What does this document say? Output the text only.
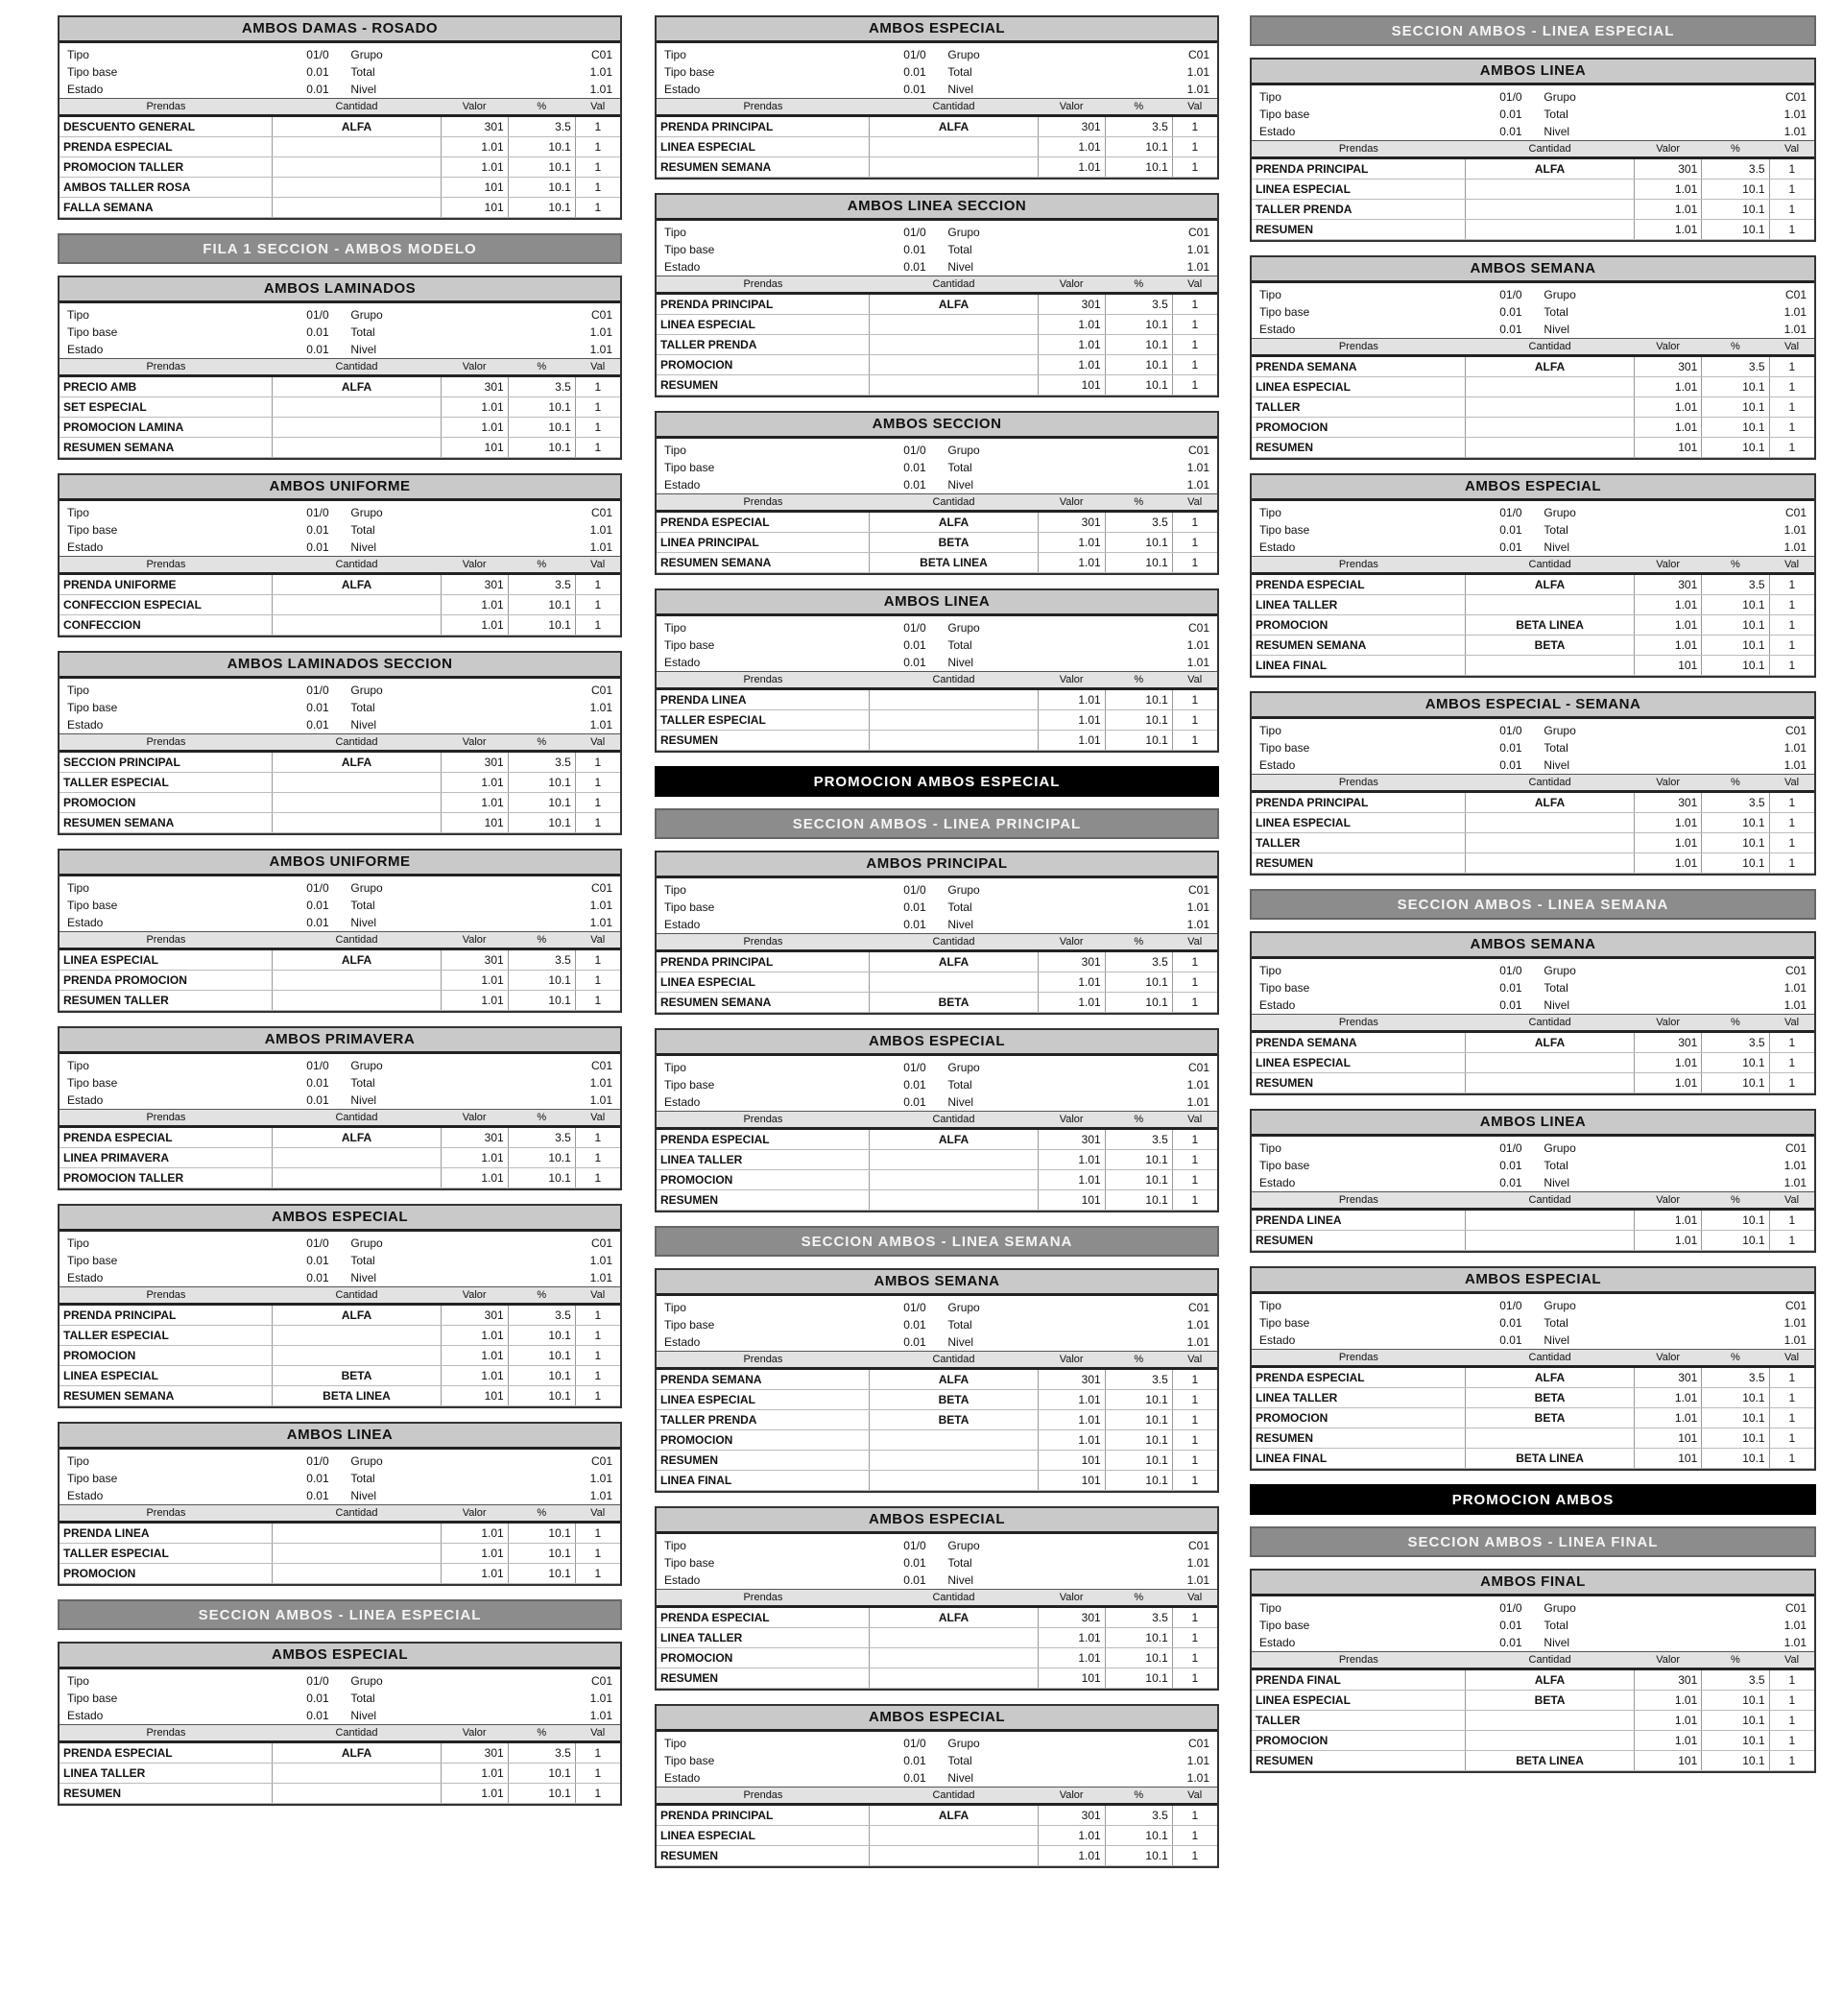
AMBOS DAMAS - ROSADO
Tipo	01/0 Grupo	C01
Tipo base	0.01 Total	1.01
Estado	0.01 Nivel	1.01
Prendas	Cantidad	Valor	%	Val
DESCUENTO GENERAL	ALFA	301	3.5	1
PRENDA ESPECIAL		1.01	10.1	1
PROMOCION TALLER		1.01	10.1	1
AMBOS TALLER ROSA		101	10.1	1
FALLA SEMANA		101	10.1	1
FILA 1 SECCION - AMBOS MODELO
AMBOS LAMINADOS
Tipo	01/0 Grupo	C01
Tipo base	0.01 Total	1.01
Estado	0.01 Nivel	1.01
Prendas	Cantidad	Valor	%	Val
PRECIO AMB	ALFA	301	3.5	1
SET ESPECIAL		1.01	10.1	1
PROMOCION LAMINA		1.01	10.1	1
RESUMEN SEMANA		101	10.1	1
AMBOS UNIFORME
Tipo	01/0 Grupo	C01
Tipo base	0.01 Total	1.01
Estado	0.01 Nivel	1.01
Prendas	Cantidad	Valor	%	Val
PRENDA UNIFORME	ALFA	301	3.5	1
CONFECCION ESPECIAL		1.01	10.1	1
CONFECCION		1.01	10.1	1
AMBOS LAMINADOS SECCION
Tipo	01/0 Grupo	C01
Tipo base	0.01 Total	1.01
Estado	0.01 Nivel	1.01
Prendas	Cantidad	Valor	%	Val
SECCION PRINCIPAL	ALFA	301	3.5	1
TALLER ESPECIAL		1.01	10.1	1
PROMOCION		1.01	10.1	1
RESUMEN SEMANA		101	10.1	1
AMBOS UNIFORME
Tipo	01/0 Grupo	C01
Tipo base	0.01 Total	1.01
Estado	0.01 Nivel	1.01
Prendas	Cantidad	Valor	%	Val
LINEA ESPECIAL	ALFA	301	3.5	1
PRENDA PROMOCION		1.01	10.1	1
RESUMEN TALLER		1.01	10.1	1
AMBOS PRIMAVERA
Tipo	01/0 Grupo	C01
Tipo base	0.01 Total	1.01
Estado	0.01 Nivel	1.01
Prendas	Cantidad	Valor	%	Val
PRENDA ESPECIAL	ALFA	301	3.5	1
LINEA PRIMAVERA		1.01	10.1	1
PROMOCION TALLER		1.01	10.1	1
AMBOS ESPECIAL
Tipo	01/0 Grupo	C01
Tipo base	0.01 Total	1.01
Estado	0.01 Nivel	1.01
Prendas	Cantidad	Valor	%	Val
PRENDA PRINCIPAL	ALFA	301	3.5	1
TALLER ESPECIAL		1.01	10.1	1
PROMOCION		1.01	10.1	1
LINEA ESPECIAL	BETA	1.01	10.1	1
RESUMEN SEMANA	BETA LINEA	101	10.1	1
AMBOS LINEA
Tipo	01/0 Grupo	C01
Tipo base	0.01 Total	1.01
Estado	0.01 Nivel	1.01
Prendas	Cantidad	Valor	%	Val
PRENDA LINEA		1.01	10.1	1
TALLER ESPECIAL		1.01	10.1	1
PROMOCION		1.01	10.1	1
SECCION AMBOS - LINEA ESPECIAL
AMBOS ESPECIAL
Tipo	01/0 Grupo	C01
Tipo base	0.01 Total	1.01
Estado	0.01 Nivel	1.01
Prendas	Cantidad	Valor	%	Val
PRENDA ESPECIAL	ALFA	301	3.5	1
LINEA TALLER		1.01	10.1	1
RESUMEN		1.01	10.1	1
AMBOS ESPECIAL
Tipo	01/0 Grupo	C01
Tipo base	0.01 Total	1.01
Estado	0.01 Nivel	1.01
Prendas	Cantidad	Valor	%	Val
PRENDA PRINCIPAL	ALFA	301	3.5	1
LINEA ESPECIAL		1.01	10.1	1
RESUMEN SEMANA		1.01	10.1	1
AMBOS LINEA SECCION
Tipo	01/0 Grupo	C01
Tipo base	0.01 Total	1.01
Estado	0.01 Nivel	1.01
Prendas	Cantidad	Valor	%	Val
PRENDA PRINCIPAL	ALFA	301	3.5	1
LINEA ESPECIAL		1.01	10.1	1
TALLER PRENDA		1.01	10.1	1
PROMOCION		1.01	10.1	1
RESUMEN		101	10.1	1
AMBOS SECCION
Tipo	01/0 Grupo	C01
Tipo base	0.01 Total	1.01
Estado	0.01 Nivel	1.01
Prendas	Cantidad	Valor	%	Val
PRENDA ESPECIAL	ALFA	301	3.5	1
LINEA PRINCIPAL	BETA	1.01	10.1	1
RESUMEN SEMANA	BETA LINEA	1.01	10.1	1
AMBOS LINEA
Tipo	01/0 Grupo	C01
Tipo base	0.01 Total	1.01
Estado	0.01 Nivel	1.01
Prendas	Cantidad	Valor	%	Val
PRENDA LINEA		1.01	10.1	1
TALLER ESPECIAL		1.01	10.1	1
RESUMEN		1.01	10.1	1
PROMOCION AMBOS ESPECIAL
SECCION AMBOS - LINEA PRINCIPAL
AMBOS PRINCIPAL
Tipo	01/0 Grupo	C01
Tipo base	0.01 Total	1.01
Estado	0.01 Nivel	1.01
Prendas	Cantidad	Valor	%	Val
PRENDA PRINCIPAL	ALFA	301	3.5	1
LINEA ESPECIAL		1.01	10.1	1
RESUMEN SEMANA	BETA	1.01	10.1	1
AMBOS ESPECIAL
Tipo	01/0 Grupo	C01
Tipo base	0.01 Total	1.01
Estado	0.01 Nivel	1.01
Prendas	Cantidad	Valor	%	Val
PRENDA ESPECIAL	ALFA	301	3.5	1
LINEA TALLER		1.01	10.1	1
PROMOCION		1.01	10.1	1
RESUMEN		101	10.1	1
SECCION AMBOS - LINEA SEMANA
AMBOS SEMANA
Tipo	01/0 Grupo	C01
Tipo base	0.01 Total	1.01
Estado	0.01 Nivel	1.01
Prendas	Cantidad	Valor	%	Val
PRENDA SEMANA	ALFA	301	3.5	1
LINEA ESPECIAL	BETA	1.01	10.1	1
TALLER PRENDA	BETA	1.01	10.1	1
PROMOCION		1.01	10.1	1
RESUMEN		101	10.1	1
LINEA FINAL		101	10.1	1
AMBOS ESPECIAL
Tipo	01/0 Grupo	C01
Tipo base	0.01 Total	1.01
Estado	0.01 Nivel	1.01
Prendas	Cantidad	Valor	%	Val
PRENDA ESPECIAL	ALFA	301	3.5	1
LINEA TALLER		1.01	10.1	1
PROMOCION		1.01	10.1	1
RESUMEN		101	10.1	1
AMBOS ESPECIAL
Tipo	01/0 Grupo	C01
Tipo base	0.01 Total	1.01
Estado	0.01 Nivel	1.01
Prendas	Cantidad	Valor	%	Val
PRENDA PRINCIPAL	ALFA	301	3.5	1
LINEA ESPECIAL		1.01	10.1	1
RESUMEN		1.01	10.1	1
SECCION AMBOS - LINEA ESPECIAL
AMBOS LINEA
Tipo	01/0 Grupo	C01
Tipo base	0.01 Total	1.01
Estado	0.01 Nivel	1.01
Prendas	Cantidad	Valor	%	Val
PRENDA PRINCIPAL	ALFA	301	3.5	1
LINEA ESPECIAL		1.01	10.1	1
TALLER PRENDA		1.01	10.1	1
RESUMEN		1.01	10.1	1
AMBOS SEMANA
Tipo	01/0 Grupo	C01
Tipo base	0.01 Total	1.01
Estado	0.01 Nivel	1.01
Prendas	Cantidad	Valor	%	Val
PRENDA SEMANA	ALFA	301	3.5	1
LINEA ESPECIAL		1.01	10.1	1
TALLER		1.01	10.1	1
PROMOCION		1.01	10.1	1
RESUMEN		101	10.1	1
AMBOS ESPECIAL
Tipo	01/0 Grupo	C01
Tipo base	0.01 Total	1.01
Estado	0.01 Nivel	1.01
Prendas	Cantidad	Valor	%	Val
PRENDA ESPECIAL	ALFA	301	3.5	1
LINEA TALLER		1.01	10.1	1
PROMOCION	BETA LINEA	1.01	10.1	1
RESUMEN SEMANA	BETA	1.01	10.1	1
LINEA FINAL		101	10.1	1
AMBOS ESPECIAL - SEMANA
Tipo	01/0 Grupo	C01
Tipo base	0.01 Total	1.01
Estado	0.01 Nivel	1.01
Prendas	Cantidad	Valor	%	Val
PRENDA PRINCIPAL	ALFA	301	3.5	1
LINEA ESPECIAL		1.01	10.1	1
TALLER		1.01	10.1	1
RESUMEN		1.01	10.1	1
SECCION AMBOS - LINEA SEMANA
AMBOS SEMANA
Tipo	01/0 Grupo	C01
Tipo base	0.01 Total	1.01
Estado	0.01 Nivel	1.01
Prendas	Cantidad	Valor	%	Val
PRENDA SEMANA	ALFA	301	3.5	1
LINEA ESPECIAL		1.01	10.1	1
RESUMEN		1.01	10.1	1
AMBOS LINEA
Tipo	01/0 Grupo	C01
Tipo base	0.01 Total	1.01
Estado	0.01 Nivel	1.01
Prendas	Cantidad	Valor	%	Val
PRENDA LINEA		1.01	10.1	1
RESUMEN		1.01	10.1	1
AMBOS ESPECIAL
Tipo	01/0 Grupo	C01
Tipo base	0.01 Total	1.01
Estado	0.01 Nivel	1.01
Prendas	Cantidad	Valor	%	Val
PRENDA ESPECIAL	ALFA	301	3.5	1
LINEA TALLER	BETA	1.01	10.1	1
PROMOCION	BETA	1.01	10.1	1
RESUMEN		101	10.1	1
LINEA FINAL	BETA LINEA	101	10.1	1
PROMOCION AMBOS
SECCION AMBOS - LINEA FINAL
AMBOS FINAL
Tipo	01/0 Grupo	C01
Tipo base	0.01 Total	1.01
Estado	0.01 Nivel	1.01
Prendas	Cantidad	Valor	%	Val
PRENDA FINAL	ALFA	301	3.5	1
LINEA ESPECIAL	BETA	1.01	10.1	1
TALLER		1.01	10.1	1
PROMOCION		1.01	10.1	1
RESUMEN	BETA LINEA	101	10.1	1
